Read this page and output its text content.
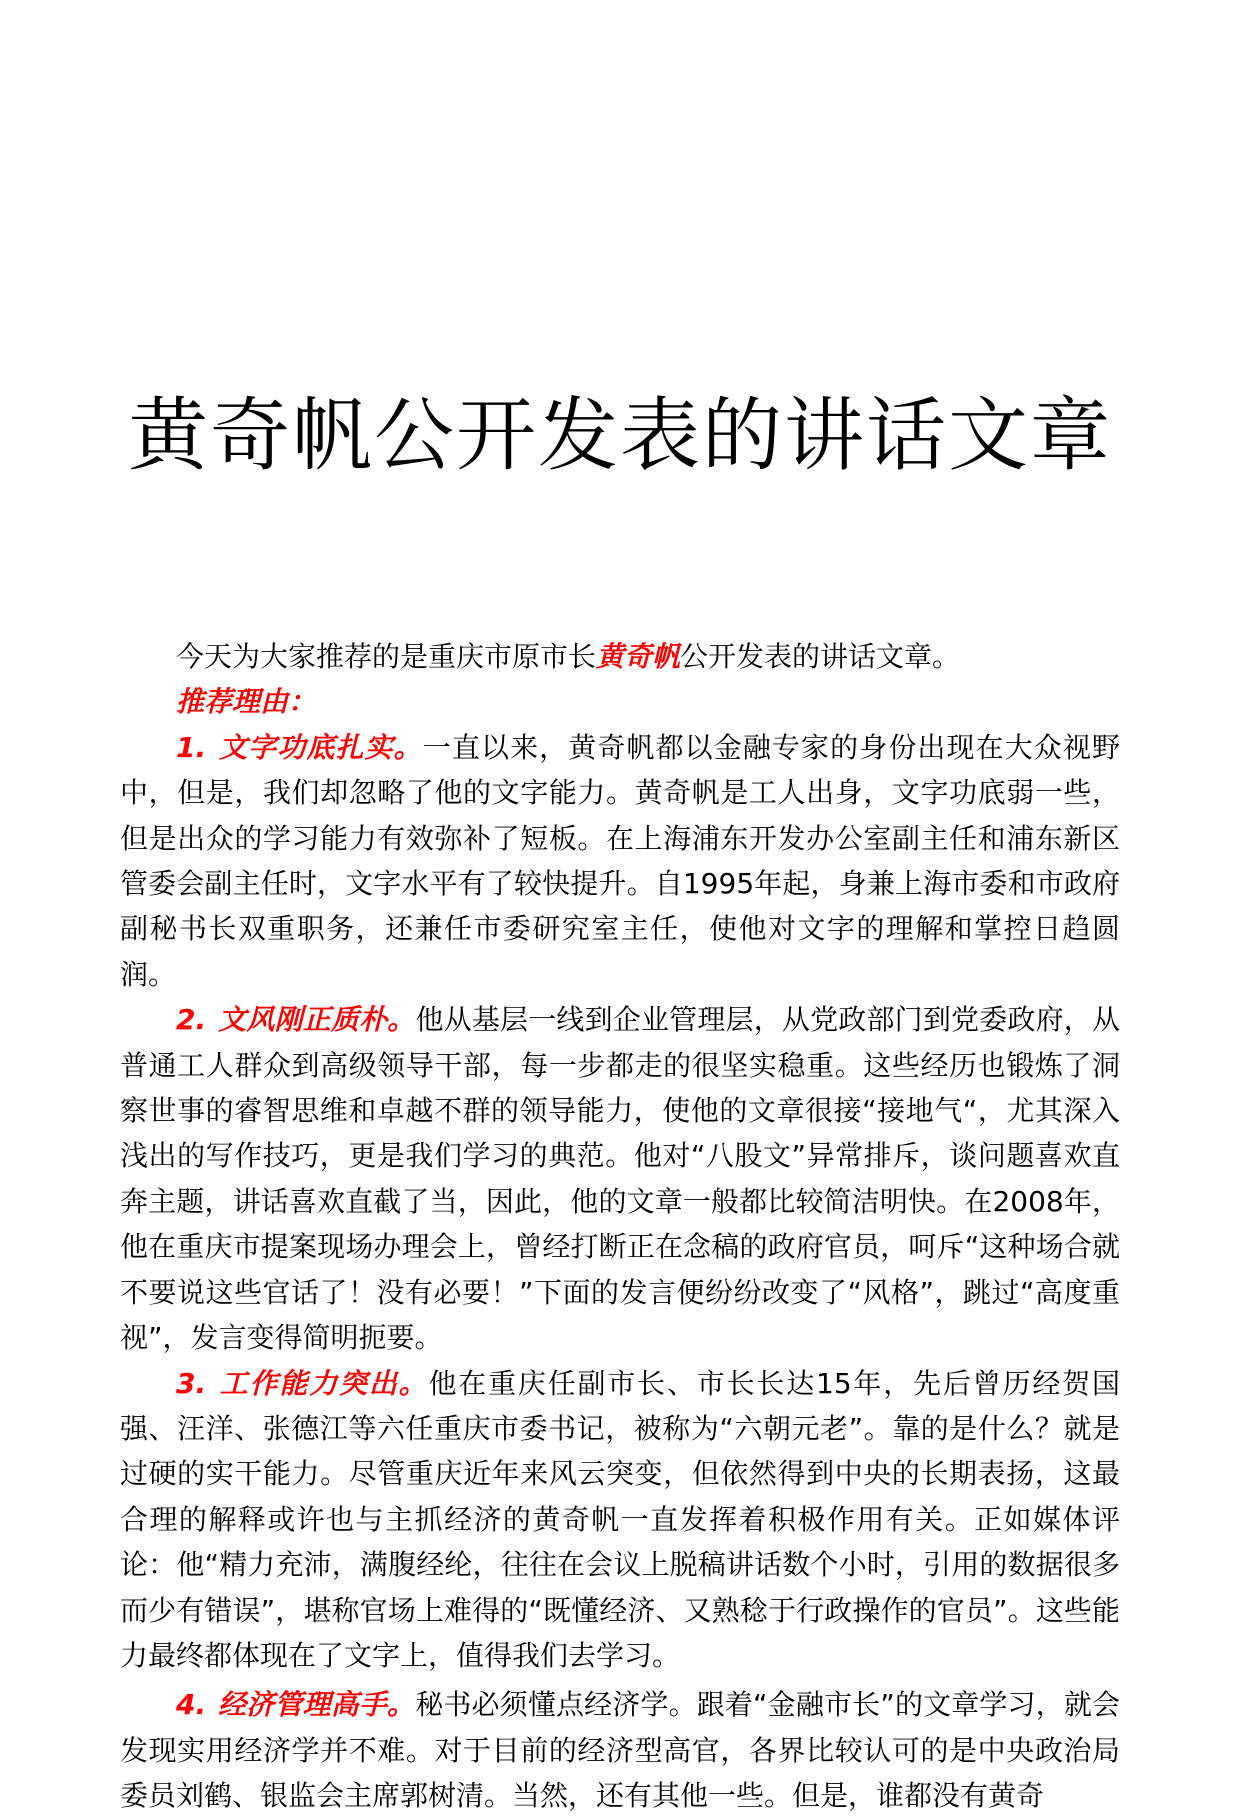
黄奇帆公开发表的讲话文章

今天为大家推荐的是重庆市原市长黄奇帆公开发表的讲话文章。

推荐理由：

1. 文字功底扎实。一直以来，黄奇帆都以金融专家的身份出现在大众视野中，但是，我们却忽略了他的文字能力。黄奇帆是工人出身，文字功底弱一些，但是出众的学习能力有效弥补了短板。在上海浦东开发办公室副主任和浦东新区管委会副主任时，文字水平有了较快提升。自1995年起，身兼上海市委和市政府副秘书长双重职务，还兼任市委研究室主任，使他对文字的理解和掌控日趋圆润。

2. 文风刚正质朴。他从基层一线到企业管理层，从党政部门到党委政府，从普通工人群众到高级领导干部，每一步都走的很坚实稳重。这些经历也锻炼了洞察世事的睿智思维和卓越不群的领导能力，使他的文章很接“接地气“，尤其深入浅出的写作技巧，更是我们学习的典范。他对“八股文”异常排斥，谈问题喜欢直奔主题，讲话喜欢直截了当，因此，他的文章一般都比较简洁明快。在2008年，他在重庆市提案现场办理会上，曾经打断正在念稿的政府官员，呵斥“这种场合就不要说这些官话了！没有必要！”下面的发言便纷纷改变了“风格”，跳过“高度重视”，发言变得简明扼要。

3. 工作能力突出。他在重庆任副市长、市长长达15年，先后曾历经贺国强、汪洋、张德江等六任重庆市委书记，被称为“六朝元老”。靠的是什么？就是过硬的实干能力。尽管重庆近年来风云突变，但依然得到中央的长期表扬，这最合理的解释或许也与主抓经济的黄奇帆一直发挥着积极作用有关。正如媒体评论：他“精力充沛，满腹经纶，往往在会议上脱稿讲话数个小时，引用的数据很多而少有错误”，堪称官场上难得的“既懂经济、又熟稔于行政操作的官员”。这些能力最终都体现在了文字上，值得我们去学习。

4. 经济管理高手。秘书必须懂点经济学。跟着“金融市长”的文章学习，就会发现实用经济学并不难。对于目前的经济型高官，各界比较认可的是中央政治局委员刘鹤、银监会主席郭树清。当然，还有其他一些。但是，谁都没有黄奇
